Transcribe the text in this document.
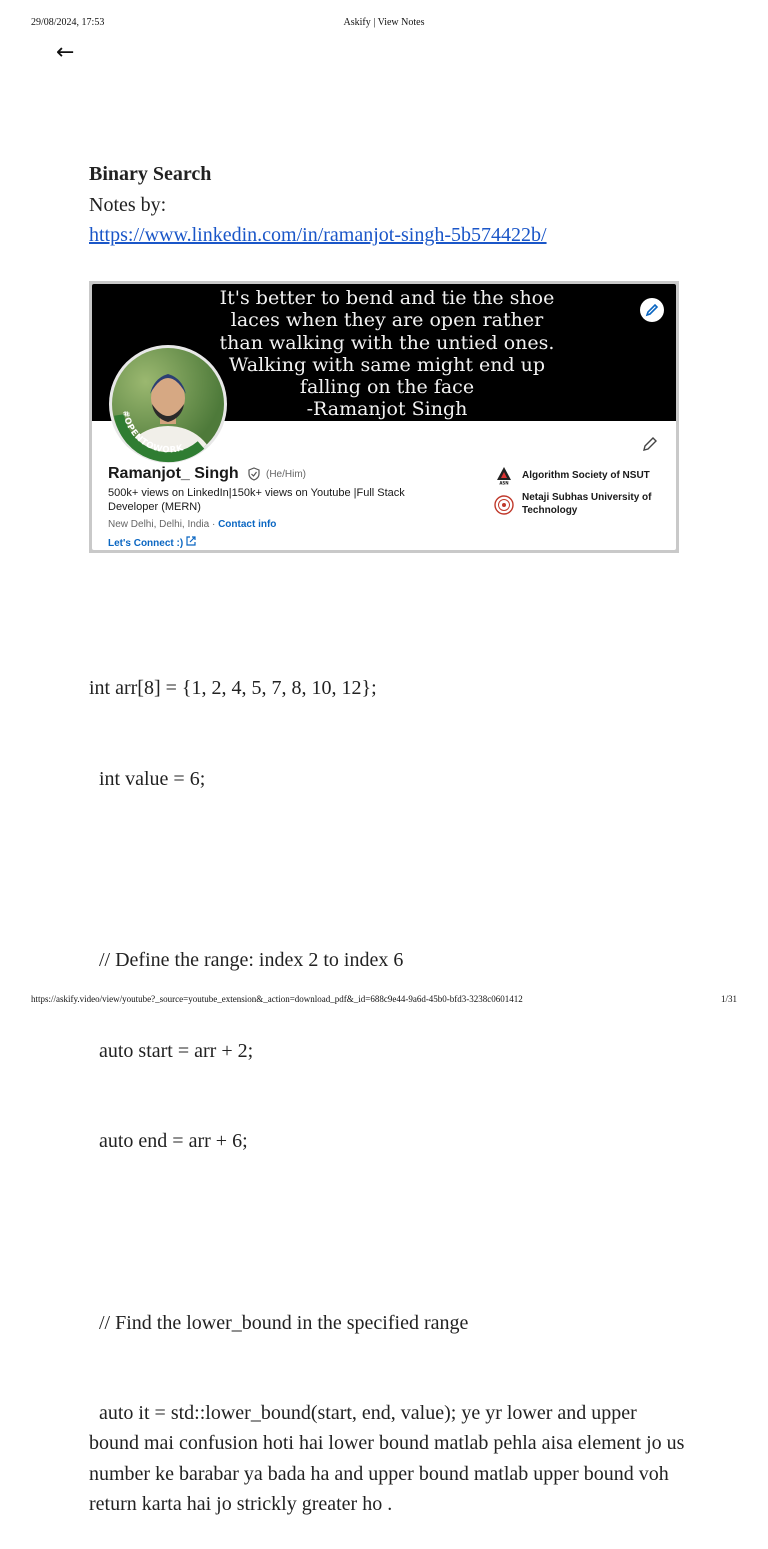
29/08/2024, 17:53	Askify | View Notes
←
Binary Search
Notes by:
https://www.linkedin.com/in/ramanjot-singh-5b574422b/
It's better to bend and tie the shoe
laces when they are open rather
than walking with the untied ones.
Walking with same might end up
falling on the face
-Ramanjot Singh
#OPENTOWORK
Ramanjot_ Singh	(He/Him)
500k+ views on LinkedIn|150k+ views on Youtube |Full Stack Developer (MERN)
New Delhi, Delhi, India · Contact info
Let's Connect :)
ASN
Algorithm Society of NSUT
Netaji Subhas University of Technology

int arr[8] = {1, 2, 4, 5, 7, 8, 10, 12};

int value = 6;

// Define the range: index 2 to index 6

auto start = arr + 2;

auto end = arr + 6;

// Find the lower_bound in the specified range

auto it = std::lower_bound(start, end, value); ye yr lower and upper bound mai confusion hoti hai lower bound matlab pehla aisa element jo us number ke barabar ya bada ha and upper bound matlab upper bound voh return karta hai jo strickly greater ho .

https://askify.video/view/youtube?_source=youtube_extension&_action=download_pdf&_id=688c9e44-9a6d-45b0-bfd3-3238c0601412	1/31
